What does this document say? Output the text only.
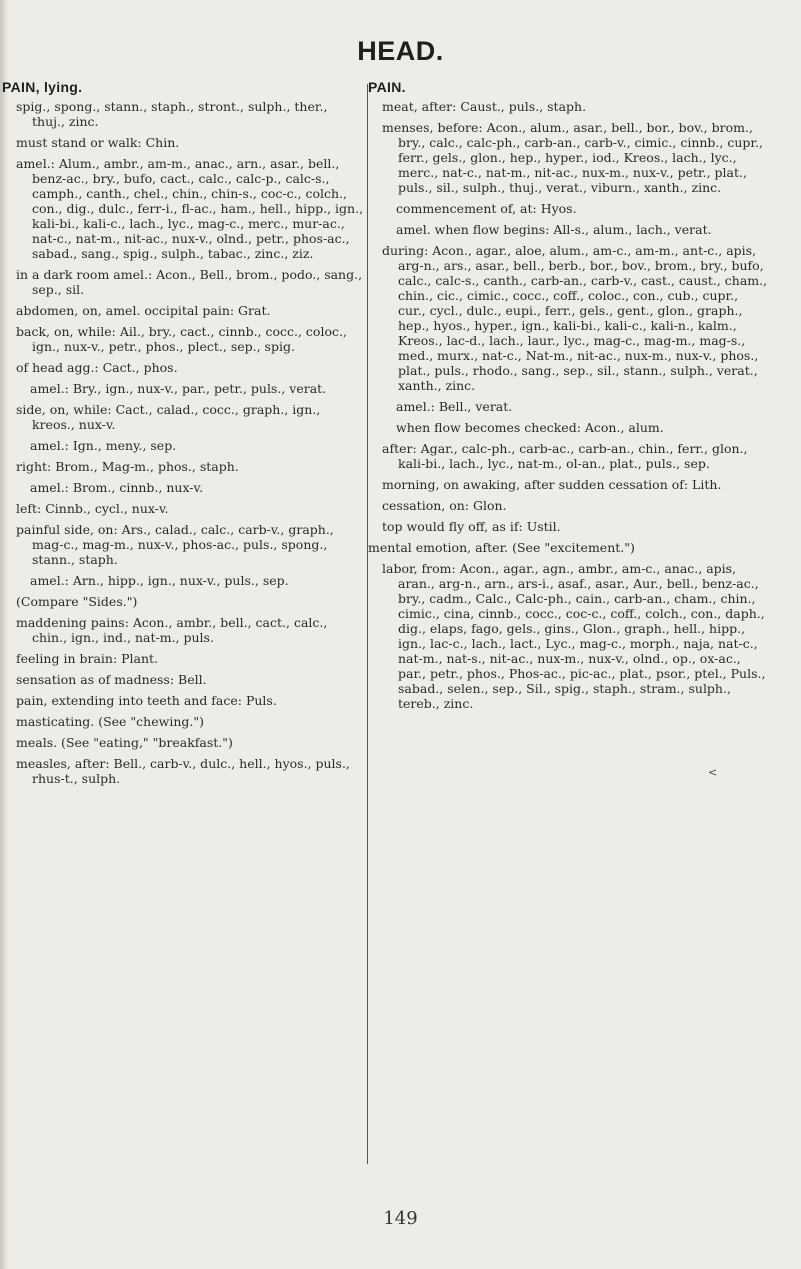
HEAD.
PAIN, lying.

spig., spong., stann., staph., stront., sulph., ther., thuj., zinc.

must stand or walk: Chin.

amel.: Alum., ambr., am-m., anac., arn., asar., bell., benz-ac., bry., bufo, cact., calc., calc-p., calc-s., camph., canth., chel., chin., chin-s., coc-c., colch., con., dig., dulc., ferr-i., fl-ac., ham., hell., hipp., ign., kali-bi., kali-c., lach., lyc., mag-c., merc., mur-ac., nat-c., nat-m., nit-ac., nux-v., olnd., petr., phos-ac., sabad., sang., spig., sulph., tabac., zinc., ziz.

in a dark room amel.: Acon., Bell., brom., podo., sang., sep., sil.

abdomen, on, amel. occipital pain: Grat.

back, on, while: Ail., bry., cact., cinnb., cocc., coloc., ign., nux-v., petr., phos., plect., sep., spig.

of head agg.: Cact., phos.

amel.: Bry., ign., nux-v., par., petr., puls., verat.

side, on, while: Cact., calad., cocc., graph., ign., kreos., nux-v.

amel.: Ign., meny., sep.

right: Brom., Mag-m., phos., staph.

amel.: Brom., cinnb., nux-v.

left: Cinnb., cycl., nux-v.

painful side, on: Ars., calad., calc., carb-v., graph., mag-c., mag-m., nux-v., phos-ac., puls., spong., stann., staph.

amel.: Arn., hipp., ign., nux-v., puls., sep.

(Compare "Sides.")

maddening pains: Acon., ambr., bell., cact., calc., chin., ign., ind., nat-m., puls.

feeling in brain: Plant.

sensation as of madness: Bell.

pain, extending into teeth and face: Puls.

masticating. (See "chewing.")

meals. (See "eating," "breakfast.")

measles, after: Bell., carb-v., dulc., hell., hyos., puls., rhus-t., sulph.

PAIN.

meat, after: Caust., puls., staph.

menses, before: Acon., alum., asar., bell., bor., bov., brom., bry., calc., calc-ph., carb-an., carb-v., cimic., cinnb., cupr., ferr., gels., glon., hep., hyper., iod., Kreos., lach., lyc., merc., nat-c., nat-m., nit-ac., nux-m., nux-v., petr., plat., puls., sil., sulph., thuj., verat., viburn., xanth., zinc.

commencement of, at: Hyos.

amel. when flow begins: All-s., alum., lach., verat.

during: Acon., agar., aloe, alum., am-c., am-m., ant-c., apis, arg-n., ars., asar., bell., berb., bor., bov., brom., bry., bufo, calc., calc-s., canth., carb-an., carb-v., cast., caust., cham., chin., cic., cimic., cocc., coff., coloc., con., cub., cupr., cur., cycl., dulc., eupi., ferr., gels., gent., glon., graph., hep., hyos., hyper., ign., kali-bi., kali-c., kali-n., kalm., Kreos., lac-d., lach., laur., lyc., mag-c., mag-m., mag-s., med., murx., nat-c., Nat-m., nit-ac., nux-m., nux-v., phos., plat., puls., rhodo., sang., sep., sil., stann., sulph., verat., xanth., zinc.

amel.: Bell., verat.

when flow becomes checked: Acon., alum.

after: Agar., calc-ph., carb-ac., carb-an., chin., ferr., glon., kali-bi., lach., lyc., nat-m., ol-an., plat., puls., sep.

morning, on awaking, after sudden cessation of: Lith.

cessation, on: Glon.

top would fly off, as if: Ustil.

mental emotion, after. (See "excitement.")

labor, from: Acon., agar., agn., ambr., am-c., anac., apis, aran., arg-n., arn., ars-i., asaf., asar., Aur., bell., benz-ac., bry., cadm., Calc., Calc-ph., cain., carb-an., cham., chin., cimic., cina, cinnb., cocc., coc-c., coff., colch., con., daph., dig., elaps, fago, gels., gins., Glon., graph., hell., hipp., ign., lac-c., lach., lact., Lyc., mag-c., morph., naja, nat-c., nat-m., nat-s., nit-ac., nux-m., nux-v., olnd., op., ox-ac., par., petr., phos., Phos-ac., pic-ac., plat., psor., ptel., Puls., sabad., selen., sep., Sil., spig., staph., stram., sulph., tereb., zinc.

<
149
